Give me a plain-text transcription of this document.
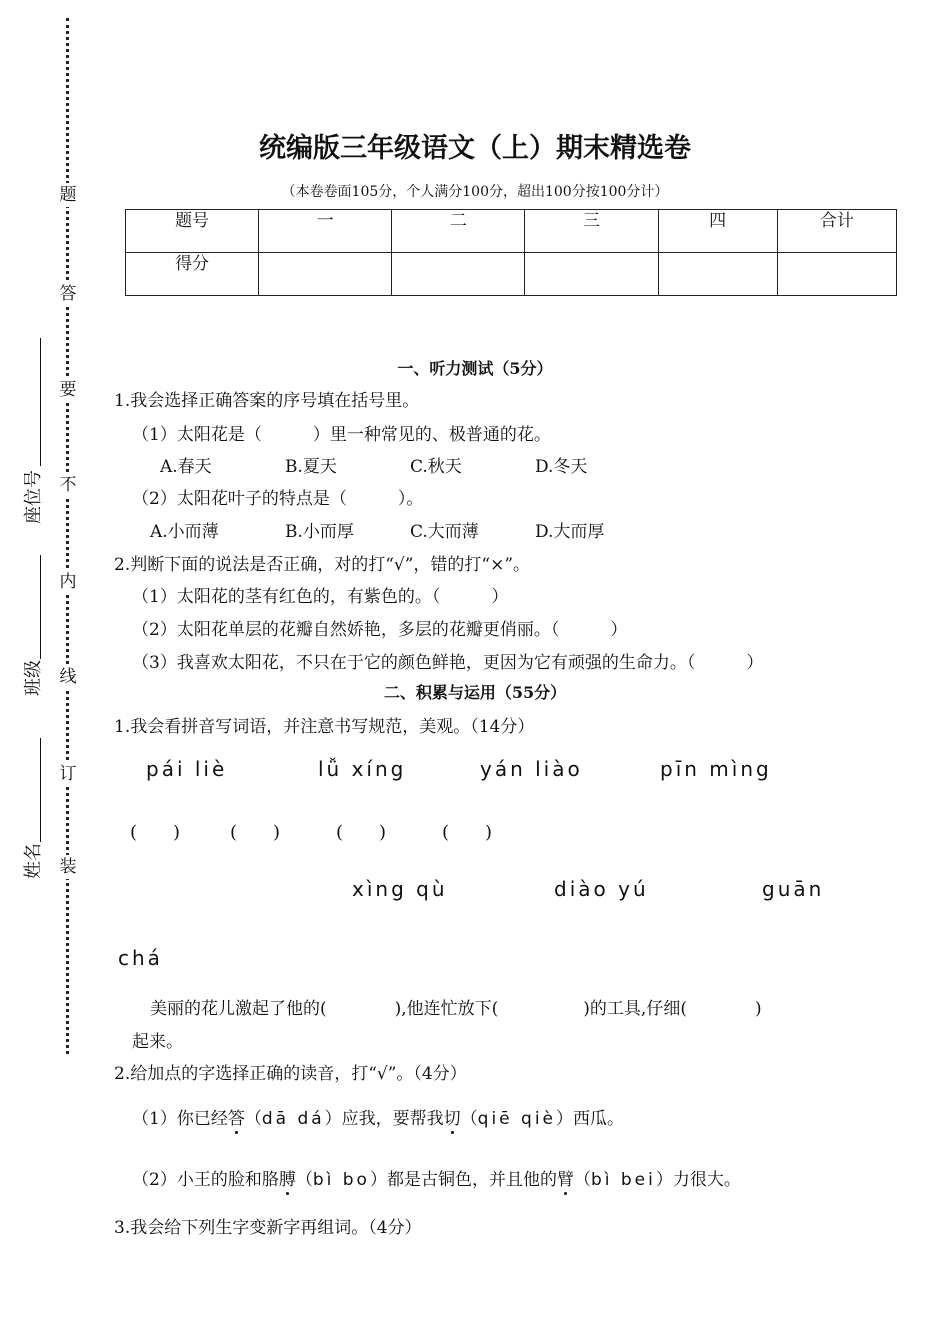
题
答
要
不
内
线
订
装
座位号
班级
姓名
统编版三年级语文（上）期末精选卷
（本卷卷面105分，个人满分100分，超出100分按100分计）
题号	一	二	三	四	合计
得分					
一、听力测试（5分）
1.我会选择正确答案的序号填在括号里。
（1）太阳花是（　　　）里一种常见的、极普通的花。
A.春天	B.夏天	C.秋天	D.冬天
（2）太阳花叶子的特点是（　　　）。
A.小而薄	B.小而厚	C.大而薄	D.大而厚
2.判断下面的说法是否正确，对的打“√”，错的打“×”。
（1）太阳花的茎有红色的，有紫色的。（　　　）
（2）太阳花单层的花瓣自然娇艳，多层的花瓣更俏丽。（　　　）
（3）我喜欢太阳花，不只在于它的颜色鲜艳，更因为它有顽强的生命力。（　　　）
二、积累与运用（55分）
1.我会看拼音写词语，并注意书写规范，美观。（14分）
pái liè	lǚ xíng	yán liào	pīn mìng
(　　)	(　　)	(　　)	(　　)
xìng qù	diào yú	guān
chá
美丽的花儿激起了他的(　　　　),他连忙放下(　　　　　)的工具,仔细(　　　　)
起来。
2.给加点的字选择正确的读音，打“√”。（4分）
（1）你已经答（dā dá）应我，要帮我切（qiē qiè）西瓜。
（2）小王的脸和胳膊（bì bo）都是古铜色，并且他的臂（bì bei）力很大。
3.我会给下列生字变新字再组词。（4分）
